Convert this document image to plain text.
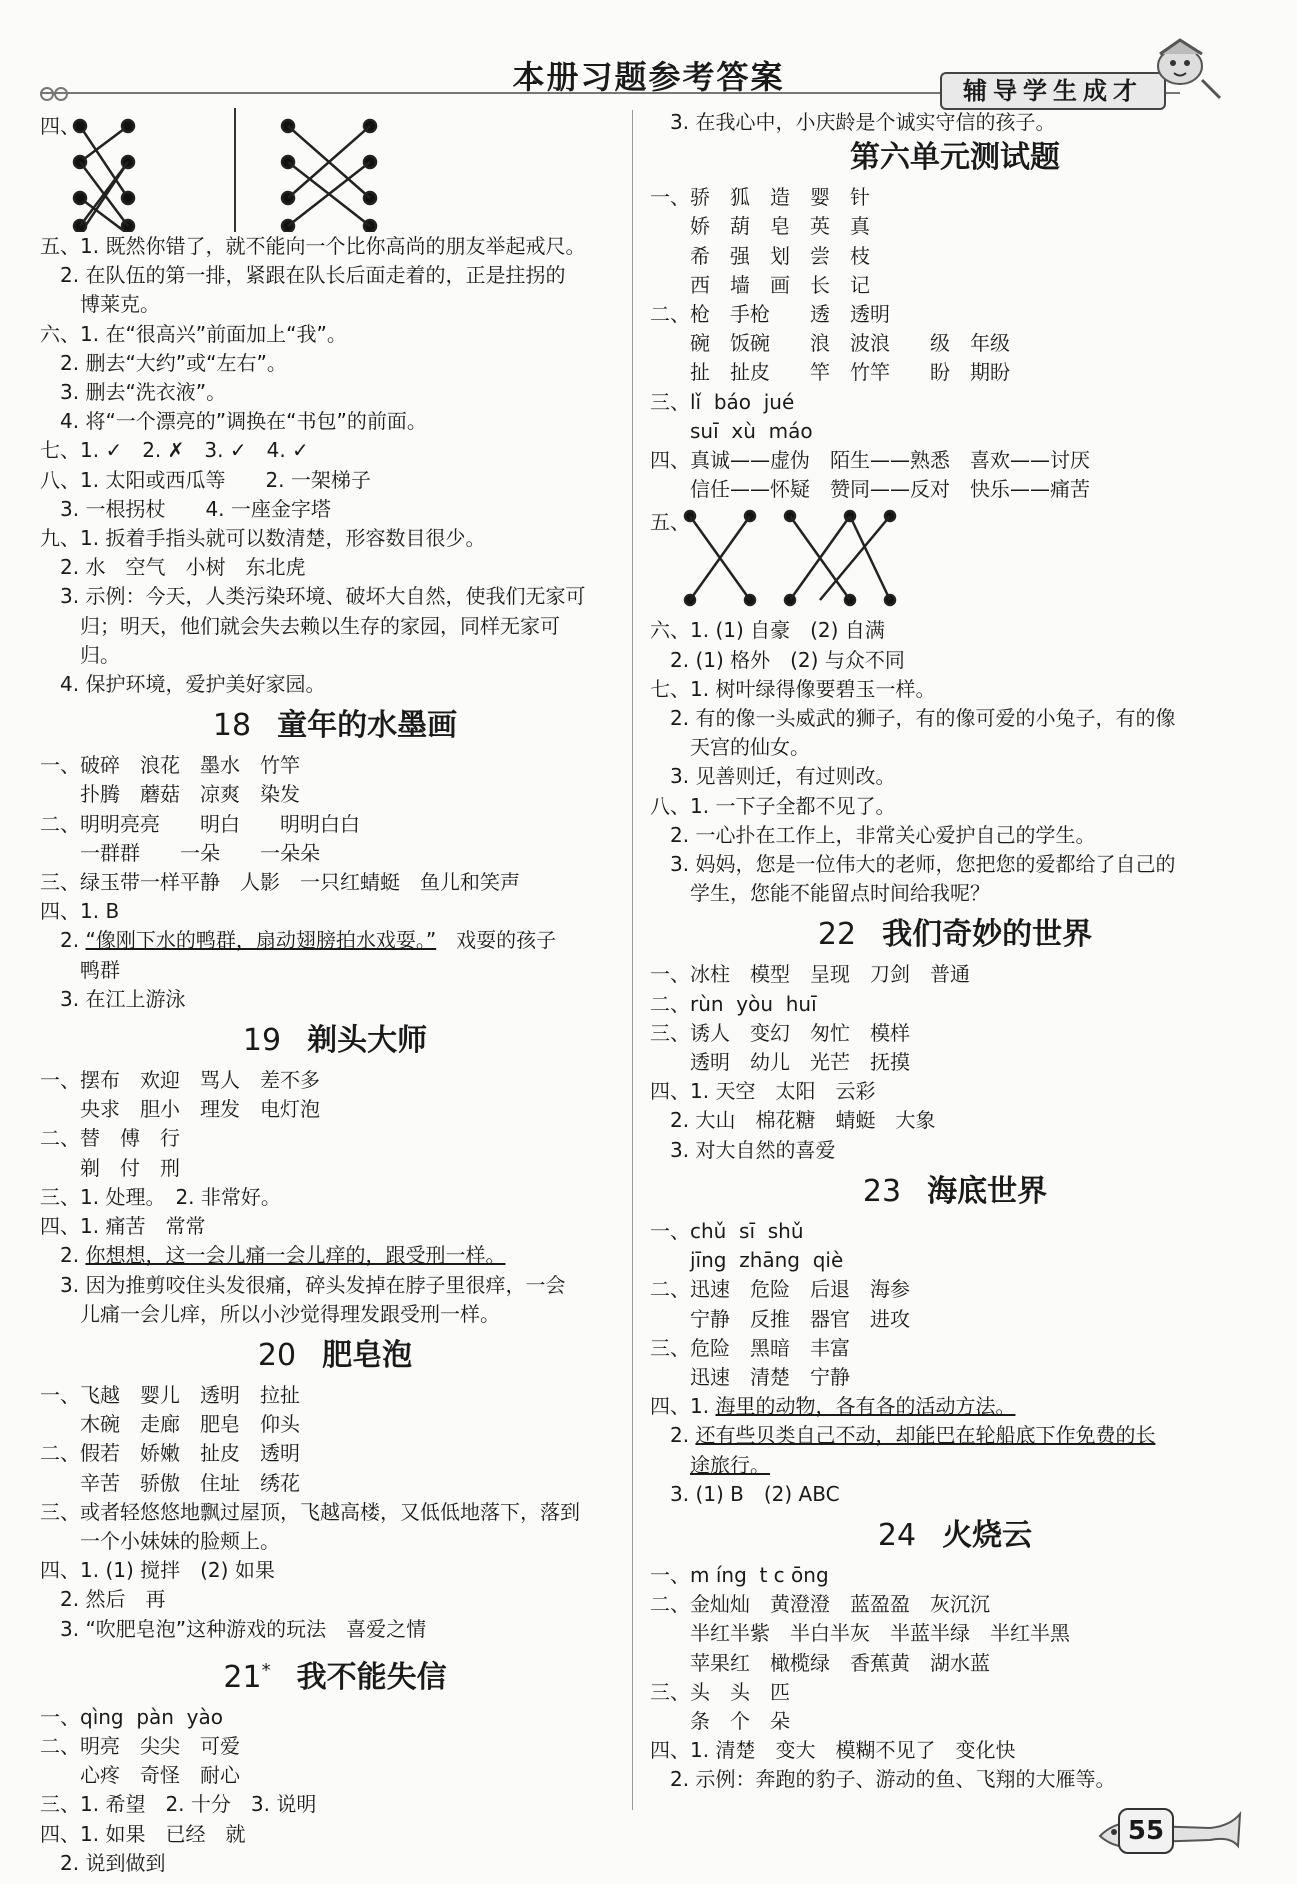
本册习题参考答案	辅导学生成才
四、
五、1. 既然你错了，就不能向一个比你高尚的朋友举起戒尺。
　2. 在队伍的第一排，紧跟在队长后面走着的，正是拄拐的
　　博莱克。
六、1. 在“很高兴”前面加上“我”。
　2. 删去“大约”或“左右”。
　3. 删去“洗衣液”。
　4. 将“一个漂亮的”调换在“书包”的前面。
七、1. ✓　2. ✗　3. ✓　4. ✓
八、1. 太阳或西瓜等　　2. 一架梯子
　3. 一根拐杖　　4. 一座金字塔
九、1. 扳着手指头就可以数清楚，形容数目很少。
　2. 水　空气　小树　东北虎
　3. 示例：今天，人类污染环境、破坏大自然，使我们无家可
　　归；明天，他们就会失去赖以生存的家园，同样无家可
　　归。
　4. 保护环境，爱护美好家园。
18 童年的水墨画
一、破碎　浪花　墨水　竹竿
　　扑腾　蘑菇　凉爽　染发
二、明明亮亮　　明白　　明明白白
　　一群群　　一朵　　一朵朵
三、绿玉带一样平静　人影　一只红蜻蜓　鱼儿和笑声
四、1. B
　2. “像刚下水的鸭群，扇动翅膀拍水戏耍。”　戏耍的孩子
　　鸭群
　3. 在江上游泳
19 剃头大师
一、摆布　欢迎　骂人　差不多
　　央求　胆小　理发　电灯泡
二、替　傅　行
　　剃　付　刑
三、1. 处理。　2. 非常好。
四、1. 痛苦　常常
　2. 你想想，这一会儿痛一会儿痒的，跟受刑一样。
　3. 因为推剪咬住头发很痛，碎头发掉在脖子里很痒，一会
　　儿痛一会儿痒，所以小沙觉得理发跟受刑一样。
20 肥皂泡
一、飞越　婴儿　透明　拉扯
　　木碗　走廊　肥皂　仰头
二、假若　娇嫩　扯皮　透明
　　辛苦　骄傲　住址　绣花
三、或者轻悠悠地飘过屋顶，飞越高楼，又低低地落下，落到
　　一个小妹妹的脸颊上。
四、1. (1) 搅拌　(2) 如果
　2. 然后　再
　3. “吹肥皂泡”这种游戏的玩法　喜爱之情
21* 我不能失信
一、qìng  pàn  yào
二、明亮　尖尖　可爱
　　心疼　奇怪　耐心
三、1. 希望　2. 十分　3. 说明
四、1. 如果　已经　就
　2. 说到做到
　3. 在我心中，小庆龄是个诚实守信的孩子。
第六单元测试题
一、骄　狐　造　婴　针
　　娇　葫　皂　英　真
　　希　强　划　尝　枝
　　西　墙　画　长　记
二、枪　手枪　　透　透明
　　碗　饭碗　　浪　波浪　　级　年级
　　扯　扯皮　　竿　竹竿　　盼　期盼
三、lǐ  báo  jué
　　suī  xù  máo
四、真诚——虚伪　陌生——熟悉　喜欢——讨厌
　　信任——怀疑　赞同——反对　快乐——痛苦
五、
六、1. (1) 自豪　(2) 自满
　2. (1) 格外　(2) 与众不同
七、1. 树叶绿得像要碧玉一样。
　2. 有的像一头威武的狮子，有的像可爱的小兔子，有的像
　　天宫的仙女。
　3. 见善则迁，有过则改。
八、1. 一下子全都不见了。
　2. 一心扑在工作上，非常关心爱护自己的学生。
　3. 妈妈，您是一位伟大的老师，您把您的爱都给了自己的
　　学生，您能不能留点时间给我呢？
22 我们奇妙的世界
一、冰柱　模型　呈现　刀剑　普通
二、rùn  yòu  huī
三、诱人　变幻　匆忙　模样
　　透明　幼儿　光芒　抚摸
四、1. 天空　太阳　云彩
　2. 大山　棉花糖　蜻蜓　大象
　3. 对大自然的喜爱
23 海底世界
一、chǔ  sī  shǔ
　　jīng  zhāng  qiè
二、迅速　危险　后退　海参
　　宁静　反推　器官　进攻
三、危险　黑暗　丰富
　　迅速　清楚　宁静
四、1. 海里的动物，各有各的活动方法。
　2. 还有些贝类自己不动，却能巴在轮船底下作免费的长
　　途旅行。
　3. (1) B　(2) ABC
24 火烧云
一、m íng  t c ōng
二、金灿灿　黄澄澄　蓝盈盈　灰沉沉
　　半红半紫　半白半灰　半蓝半绿　半红半黑
　　苹果红　橄榄绿　香蕉黄　湖水蓝
三、头　头　匹
　　条　个　朵
四、1. 清楚　变大　模糊不见了　变化快
　2. 示例：奔跑的豹子、游动的鱼、飞翔的大雁等。
55
